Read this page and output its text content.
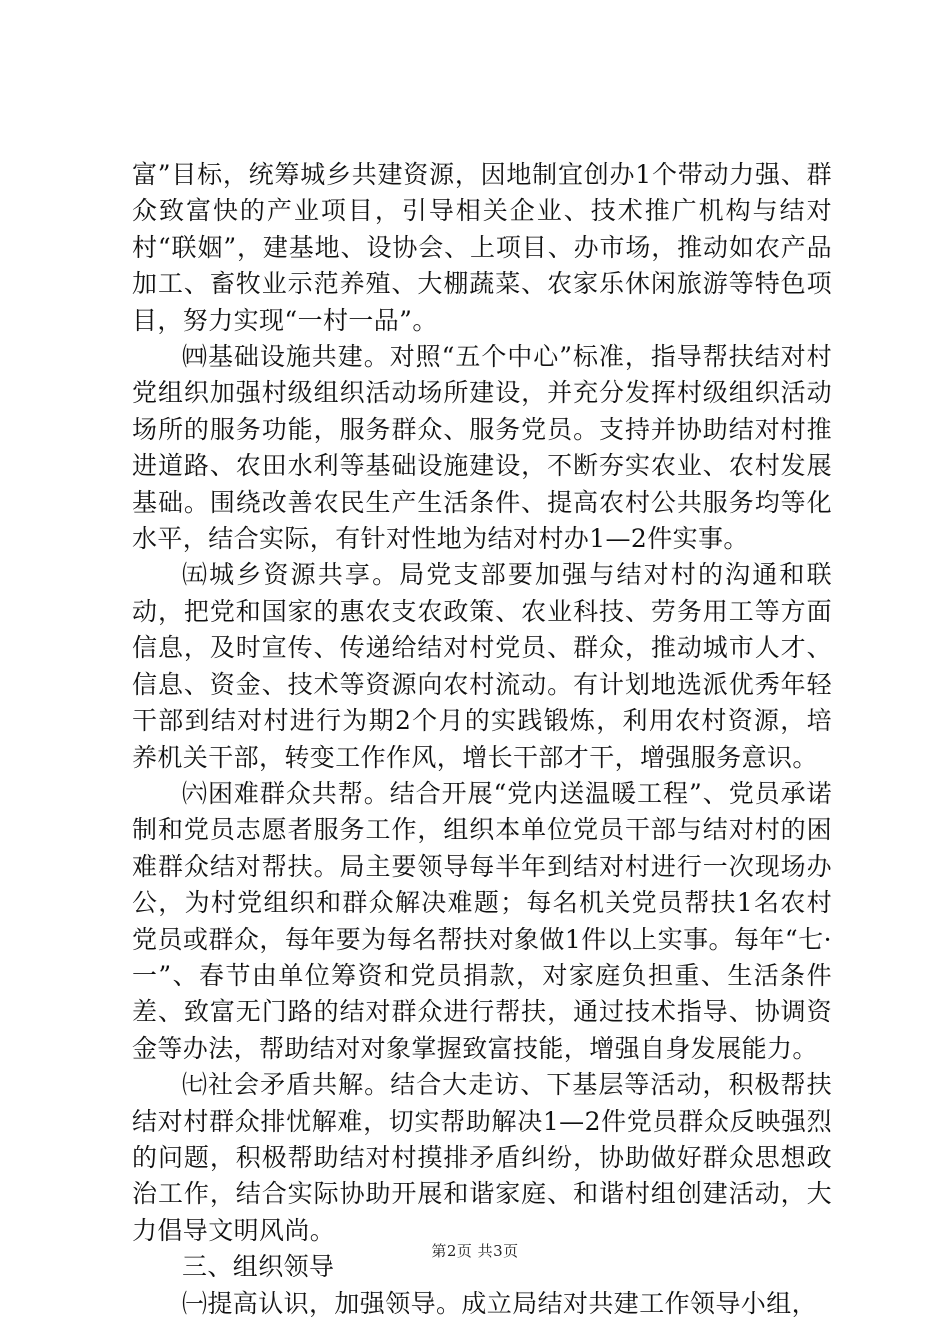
富”目标，统筹城乡共建资源，因地制宜创办1个带动力强、群众致富快的产业项目，引导相关企业、技术推广机构与结对村“联姻”，建基地、设协会、上项目、办市场，推动如农产品加工、畜牧业示范养殖、大棚蔬菜、农家乐休闲旅游等特色项目，努力实现“一村一品”。

㈣基础设施共建。对照“五个中心”标准，指导帮扶结对村党组织加强村级组织活动场所建设，并充分发挥村级组织活动场所的服务功能，服务群众、服务党员。支持并协助结对村推进道路、农田水利等基础设施建设，不断夯实农业、农村发展基础。围绕改善农民生产生活条件、提高农村公共服务均等化水平，结合实际，有针对性地为结对村办1—2件实事。

㈤城乡资源共享。局党支部要加强与结对村的沟通和联动，把党和国家的惠农支农政策、农业科技、劳务用工等方面信息，及时宣传、传递给结对村党员、群众，推动城市人才、信息、资金、技术等资源向农村流动。有计划地选派优秀年轻干部到结对村进行为期2个月的实践锻炼，利用农村资源，培养机关干部，转变工作作风，增长干部才干，增强服务意识。

㈥困难群众共帮。结合开展“党内送温暖工程”、党员承诺制和党员志愿者服务工作，组织本单位党员干部与结对村的困难群众结对帮扶。局主要领导每半年到结对村进行一次现场办公，为村党组织和群众解决难题；每名机关党员帮扶1名农村党员或群众，每年要为每名帮扶对象做1件以上实事。每年“七·一”、春节由单位筹资和党员捐款，对家庭负担重、生活条件差、致富无门路的结对群众进行帮扶，通过技术指导、协调资金等办法，帮助结对对象掌握致富技能，增强自身发展能力。

㈦社会矛盾共解。结合大走访、下基层等活动，积极帮扶结对村群众排忧解难，切实帮助解决1—2件党员群众反映强烈的问题，积极帮助结对村摸排矛盾纠纷，协助做好群众思想政治工作，结合实际协助开展和谐家庭、和谐村组创建活动，大力倡导文明风尚。

三、组织领导

㈠提高认识，加强领导。成立局结对共建工作领导小组，

第2页 共3页
